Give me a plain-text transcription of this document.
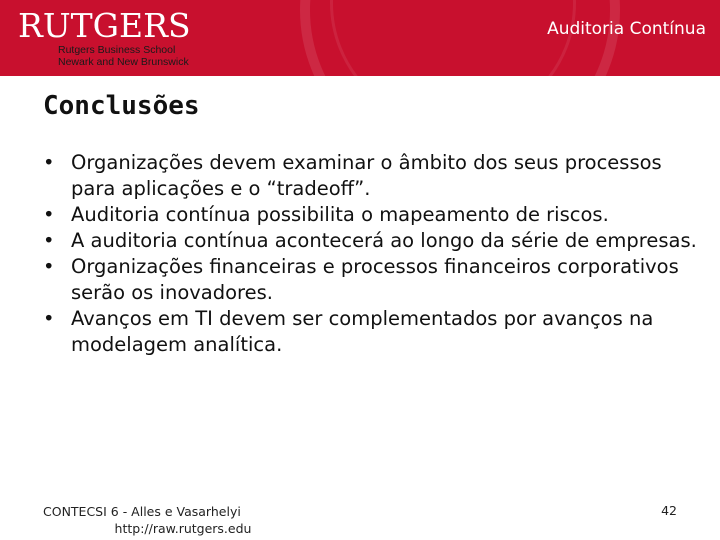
RUTGERS
Rutgers Business School
Newark and New Brunswick
Auditoria Contínua
Conclusões
• Organizações devem examinar o âmbito dos seus processos para aplicações e o “tradeoff”.
• Auditoria contínua possibilita o mapeamento de riscos.
• A auditoria contínua acontecerá ao longo da série de empresas.
• Organizações financeiras e processos financeiros corporativos serão os inovadores.
• Avanços em TI devem ser complementados por avanços na modelagem analítica.
CONTECSI 6 - Alles e Vasarhelyi
http://raw.rutgers.edu
42
